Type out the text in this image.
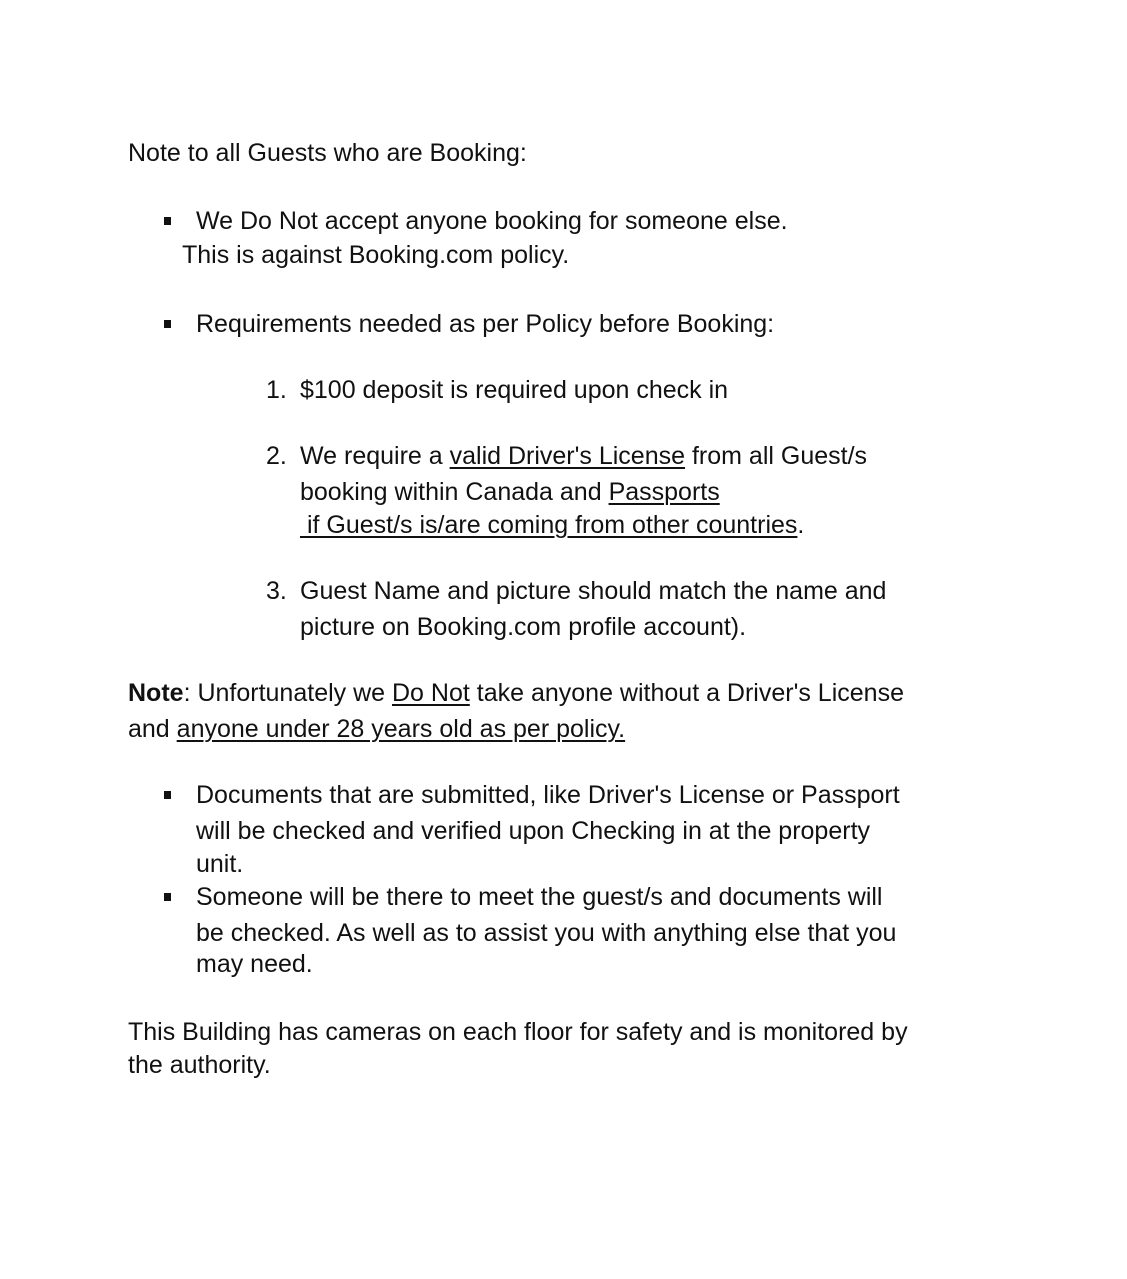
Note to all Guests who are Booking:
We Do Not accept anyone booking for someone else.
This is against Booking.com policy.
Requirements needed as per Policy before Booking:
1. $100 deposit is required upon check in
2. We require a valid Driver's License from all Guest/s
booking within Canada and Passports
if Guest/s is/are coming from other countries.
3. Guest Name and picture should match the name and
picture on Booking.com profile account).
Note: Unfortunately we Do Not take anyone without a Driver's License
and anyone under 28 years old as per policy.
Documents that are submitted, like Driver's License or Passport
will be checked and verified upon Checking in at the property
unit.
Someone will be there to meet the guest/s and documents will
be checked. As well as to assist you with anything else that you
may need.
This Building has cameras on each floor for safety and is monitored by
the authority.
